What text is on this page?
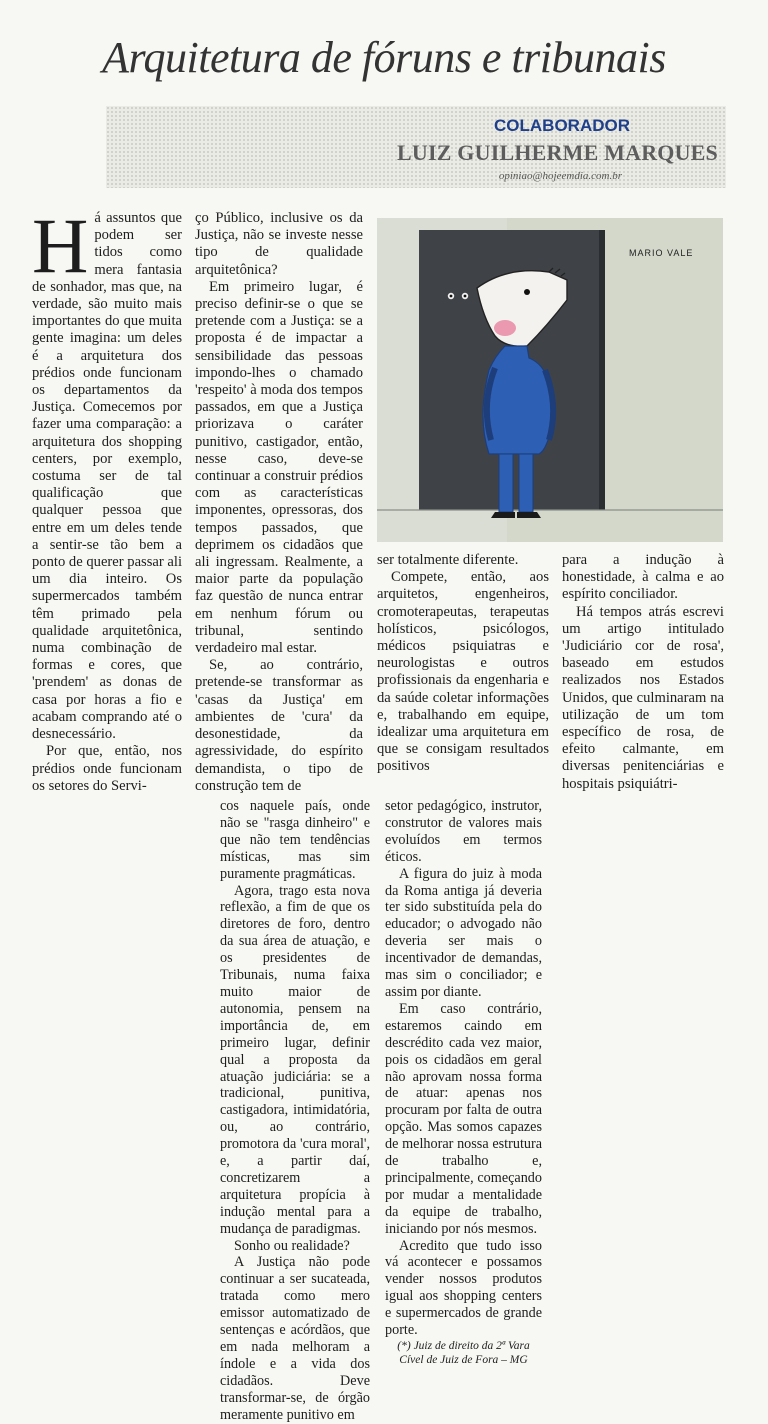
Arquitetura de fóruns e tribunais
COLABORADOR
LUIZ GUILHERME MARQUES
opiniao@hojeemdia.com.br

Há assuntos que podem ser tidos como mera fantasia de sonhador, mas que, na verdade, são muito mais importantes do que muita gente imagina: um deles é a arquitetura dos prédios onde funcionam os departamentos da Justiça. Comecemos por fazer uma comparação: a arquitetura dos shopping centers, por exemplo, costuma ser de tal qualificação que qualquer pessoa que entre em um deles tende a sentir-se tão bem a ponto de querer passar ali um dia inteiro. Os supermercados também têm primado pela qualidade arquitetônica, numa combinação de formas e cores, que 'prendem' as donas de casa por horas a fio e acabam comprando até o desnecessário.

Por que, então, nos prédios onde funcionam os setores do Servi-

ço Público, inclusive os da Justiça, não se investe nesse tipo de qualidade arquitetônica?

Em primeiro lugar, é preciso definir-se o que se pretende com a Justiça: se a proposta é de impactar a sensibilidade das pessoas impondo-lhes o chamado 'respeito' à moda dos tempos passados, em que a Justiça priorizava o caráter punitivo, castigador, então, nesse caso, deve-se continuar a construir prédios com as características imponentes, opressoras, dos tempos passados, que deprimem os cidadãos que ali ingressam. Realmente, a maior parte da população faz questão de nunca entrar em nenhum fórum ou tribunal, sentindo verdadeiro mal estar.

Se, ao contrário, pretende-se transformar as 'casas da Justiça' em ambientes de 'cura' da desonestidade, da agressividade, do espírito demandista, o tipo de construção tem de

MARIO VALE

ser totalmente diferente.

Compete, então, aos arquitetos, engenheiros, cromoterapeutas, terapeutas holísticos, psicólogos, médicos psiquiatras e neurologistas e outros profissionais da engenharia e da saúde coletar informações e, trabalhando em equipe, idealizar uma arquitetura em que se consigam resultados positivos

para a indução à honestidade, à calma e ao espírito conciliador.

Há tempos atrás escrevi um artigo intitulado 'Judiciário cor de rosa', baseado em estudos realizados nos Estados Unidos, que culminaram na utilização de um tom específico de rosa, de efeito calmante, em diversas penitenciárias e hospitais psiquiátri-

cos naquele país, onde não se "rasga dinheiro" e que não tem tendências místicas, mas sim puramente pragmáticas.

Agora, trago esta nova reflexão, a fim de que os diretores de foro, dentro da sua área de atuação, e os presidentes de Tribunais, numa faixa muito maior de autonomia, pensem na importância de, em primeiro lugar, definir qual a proposta da atuação judiciária: se a tradicional, punitiva, castigadora, intimidatória, ou, ao contrário, promotora da 'cura moral', e, a partir daí, concretizarem a arquitetura propícia à indução mental para a mudança de paradigmas.

Sonho ou realidade?

A Justiça não pode continuar a ser sucateada, tratada como mero emissor automatizado de sentenças e acórdãos, que em nada melhoram a índole e a vida dos cidadãos. Deve transformar-se, de órgão meramente punitivo em

setor pedagógico, instrutor, construtor de valores mais evoluídos em termos éticos.

A figura do juiz à moda da Roma antiga já deveria ter sido substituída pela do educador; o advogado não deveria ser mais o incentivador de demandas, mas sim o conciliador; e assim por diante.

Em caso contrário, estaremos caindo em descrédito cada vez maior, pois os cidadãos em geral não aprovam nossa forma de atuar: apenas nos procuram por falta de outra opção. Mas somos capazes de melhorar nossa estrutura de trabalho e, principalmente, começando por mudar a mentalidade da equipe de trabalho, iniciando por nós mesmos.

Acredito que tudo isso vá acontecer e possamos vender nossos produtos igual aos shopping centers e supermercados de grande porte.

(*) Juiz de direito da 2ª Vara Cível de Juiz de Fora – MG
